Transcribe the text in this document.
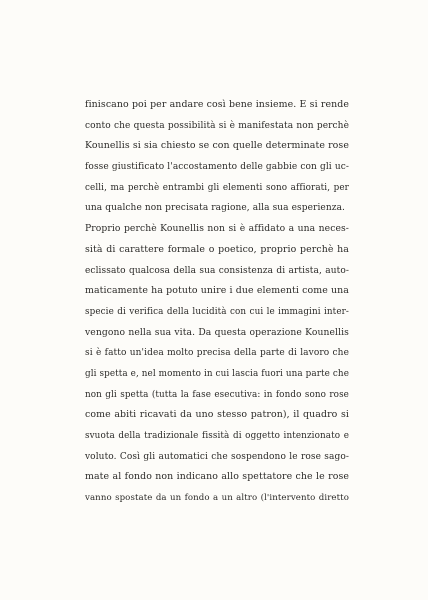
finiscano poi per andare così bene insieme. E si rende
conto che questa possibilità si è manifestata non perchè
Kounellis si sia chiesto se con quelle determinate rose
fosse giustificato l'accostamento delle gabbie con gli uc-
celli, ma perchè entrambi gli elementi sono affiorati, per
una qualche non precisata ragione, alla sua esperienza.
Proprio perchè Kounellis non si è affidato a una neces-
sità di carattere formale o poetico, proprio perchè ha
eclissato qualcosa della sua consistenza di artista, auto-
maticamente ha potuto unire i due elementi come una
specie di verifica della lucidità con cui le immagini inter-
vengono nella sua vita. Da questa operazione Kounellis
si è fatto un'idea molto precisa della parte di lavoro che
gli spetta e, nel momento in cui lascia fuori una parte che
non gli spetta (tutta la fase esecutiva: in fondo sono rose
come abiti ricavati da uno stesso patron), il quadro si
svuota della tradizionale fissità di oggetto intenzionato e
voluto. Così gli automatici che sospendono le rose sago-
mate al fondo non indicano allo spettatore che le rose
vanno spostate da un fondo a un altro (l'intervento diretto
